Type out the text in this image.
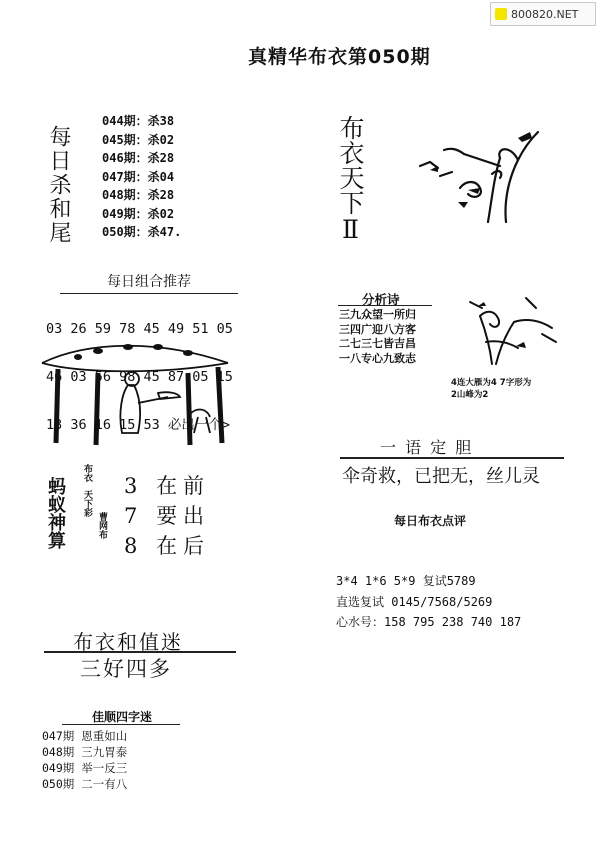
800820.NET
真精华布衣第050期
每日杀和尾
044期：杀38
045期：杀02
046期：杀28
047期：杀04
048期：杀28
049期：杀02
050期：杀47.	布衣天下Ⅱ
每日组合推荐

03 26 59 78 45 49 51 05

46 03 56 98 45 87 05 15

13 36 16 15 53 必出一个>

蚂蚁神算
布衣
天下彩
曹网布
3 在前
7 要出
8 在后
分析诗
三九众望一所归
三四广迎八方客
二七三七皆吉昌
一八专心九致志
4连大雁为4 7字形为
2山峰为2
一 语 定 胆
伞奇救，已把无，丝儿灵
每日布衣点评
3*4 1*6 5*9 复试5789
直选复试 0145/7568/5269
心水号：158 795 238 740 187
布衣和值迷
三好四多
佳顺四字迷
047期 恩重如山
048期 三九胃泰
049期 举一反三
050期 二一有八
